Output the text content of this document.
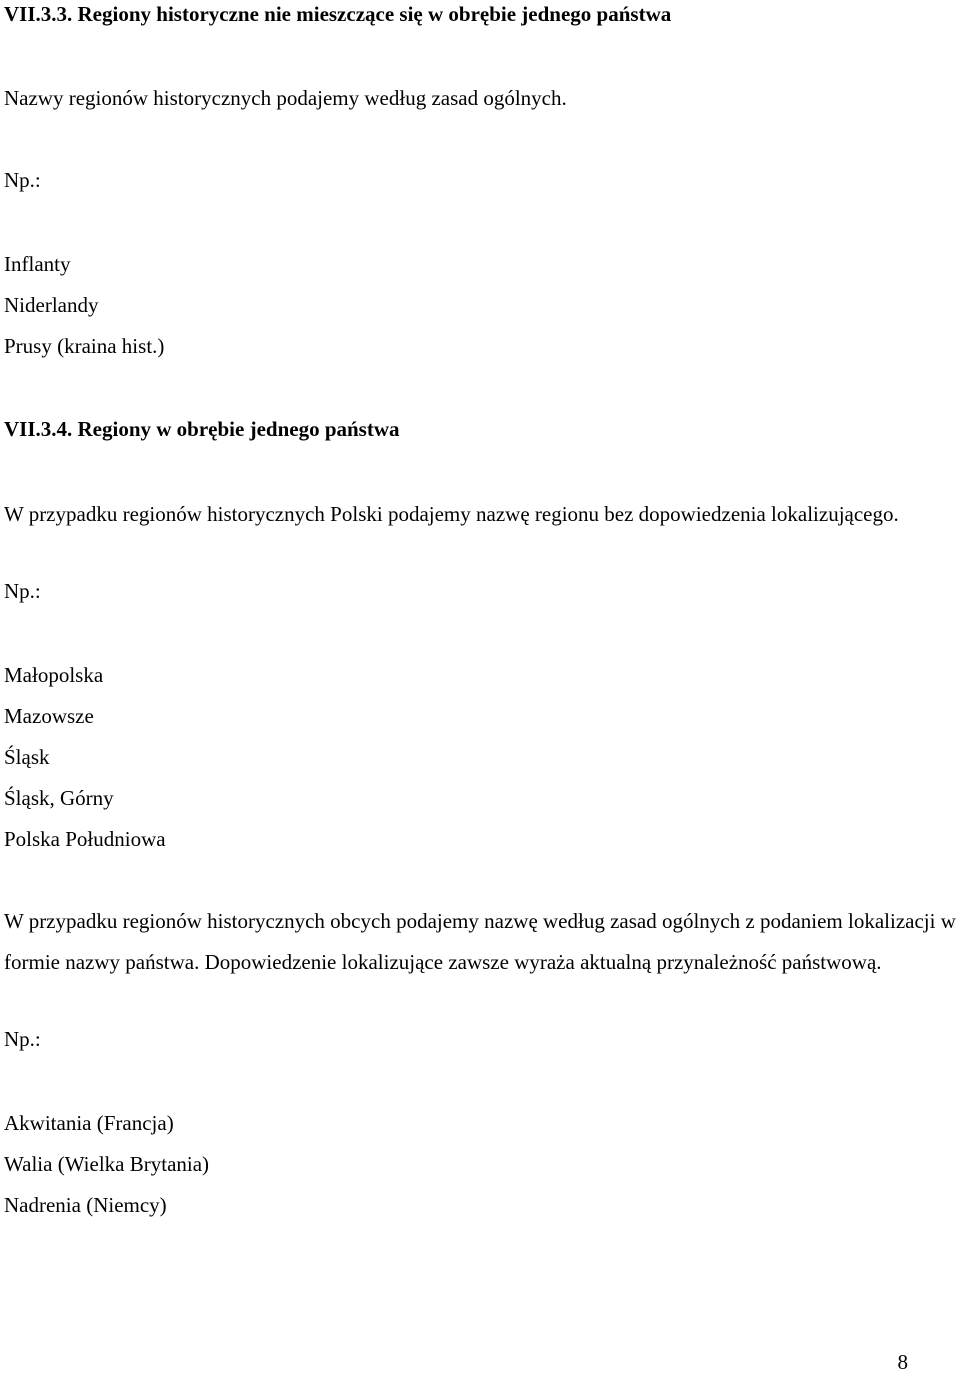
VII.3.3. Regiony historyczne nie mieszczące się w obrębie jednego państwa

Nazwy regionów historycznych podajemy według zasad ogólnych.

Np.:

Inflanty
Niderlandy
Prusy (kraina hist.)

VII.3.4. Regiony w obrębie jednego państwa

W przypadku regionów historycznych Polski podajemy nazwę regionu bez dopowiedzenia lokalizującego.

Np.:

Małopolska
Mazowsze
Śląsk
Śląsk, Górny
Polska Południowa

W przypadku regionów historycznych obcych podajemy nazwę według zasad ogólnych z podaniem lokalizacji w formie nazwy państwa. Dopowiedzenie lokalizujące zawsze wyraża aktualną przynależność państwową.

Np.:

Akwitania (Francja)
Walia (Wielka Brytania)
Nadrenia (Niemcy)
8
